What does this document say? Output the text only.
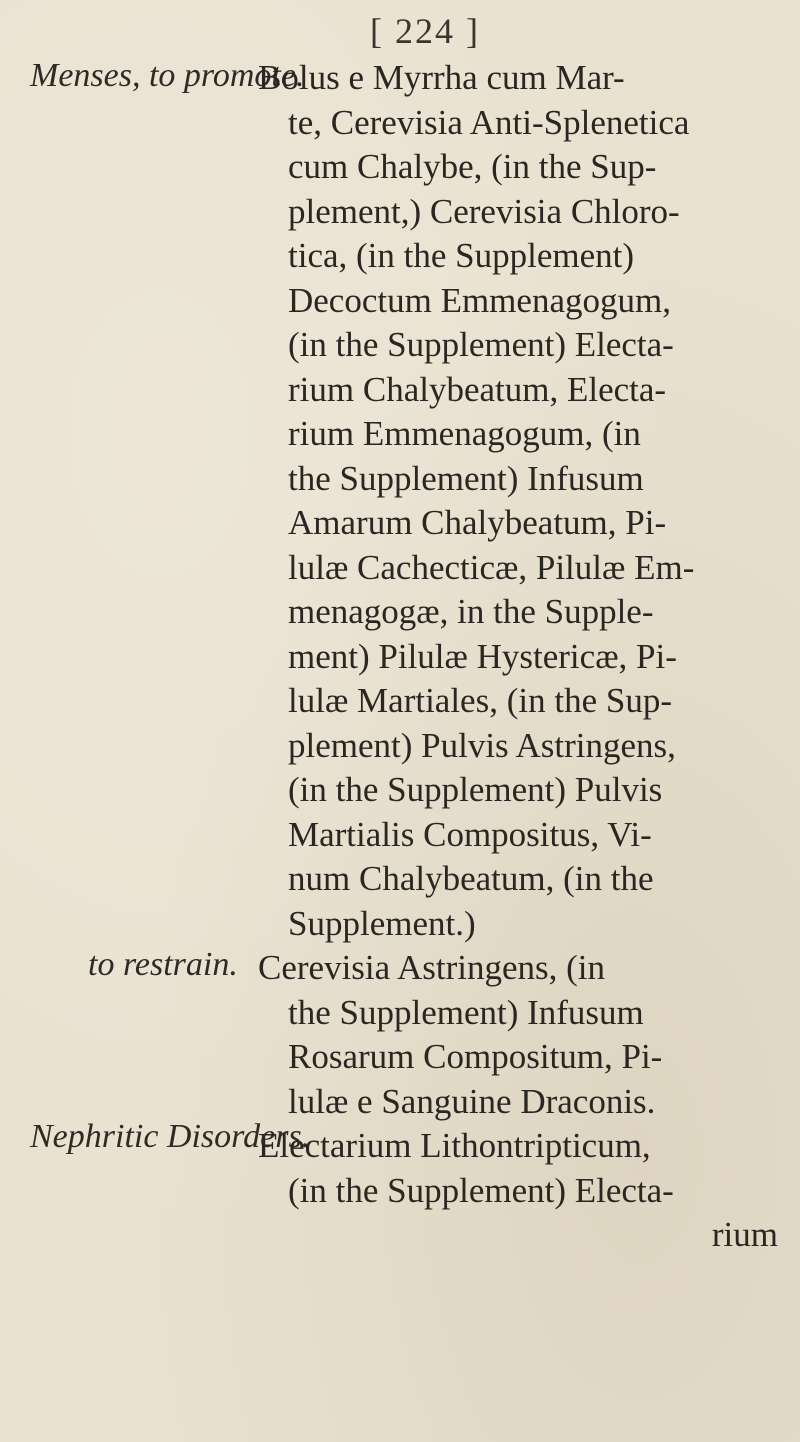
[ 224 ]
Menses, to promote.
to restrain.
Nephritic Disorders.
Bolus e Myrrha cum Mar-
te, Cerevisia Anti-Splenetica
cum Chalybe, (in the Sup-
plement,) Cerevisia Chloro-
tica, (in the Supplement)
Decoctum Emmenagogum,
(in the Supplement) Electa-
rium Chalybeatum, Electa-
rium Emmenagogum, (in
the Supplement) Infusum
Amarum Chalybeatum, Pi-
lulæ Cachecticæ, Pilulæ Em-
menagogæ, in the Supple-
ment) Pilulæ Hystericæ, Pi-
lulæ Martiales, (in the Sup-
plement) Pulvis Astringens,
(in the Supplement) Pulvis
Martialis Compositus, Vi-
num Chalybeatum, (in the
Supplement.)
Cerevisia Astringens, (in
the Supplement) Infusum
Rosarum Compositum, Pi-
lulæ e Sanguine Draconis.
Electarium Lithontripticum,
(in the Supplement) Electa-
rium
